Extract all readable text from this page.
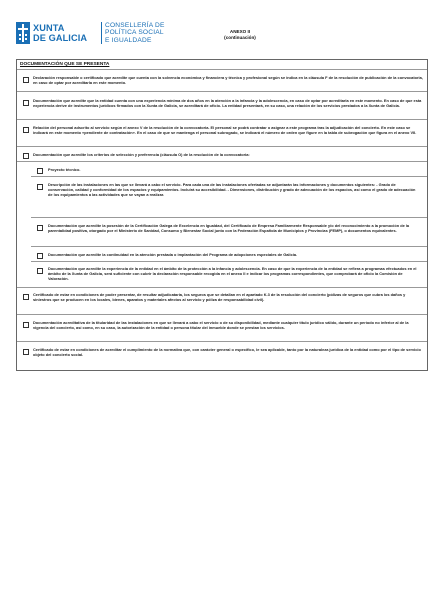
XUNTA
DE GALICIA
CONSELLERÍA DE
POLÍTICA SOCIAL
E IGUALDADE
ANEXO II
(continuación)
DOCUMENTACIÓN QUE SE PRESENTA
Declaración responsable o certificado que acredite que cuenta con la solvencia económica y financiera y técnica y profesional según se indica en la cláusula F de la resolución de publicación de la convocatoria, en caso de optar por acreditarla en este momento.
Documentación que acredite que la entidad cuenta con una experiencia mínima de dos años en la atención a la infancia y la adolescencia, en caso de optar por acreditarla en este momento. En caso de que esta experiencia derive de instrumentos jurídicos firmados con la Xunta de Galicia, se acreditará de oficio. La entidad presentará, en su caso, una relación de los servicios prestados a la Xunta de Galicia.
Relación del personal adscrito al servicio según el anexo V de la resolución de la convocatoria. El personal se podrá contratar o asignar a este programa tras la adjudicación del concierto. En este caso se indicará en este momento «pendiente de contratación». En el caso de que se mantenga el personal subrogado, se indicará el número de orden que figure en la tabla de subrogación que figura en el anexo VII.
Documentación que acredite los criterios de selección y preferencia (cláusula O) de la resolución de la convocatoria:
Proyecto técnico.
Descripción de las instalaciones en las que se llevará a cabo el servicio. Para cada una de las instalaciones ofertadas se adjuntarán las informaciones y documentos siguientes: - Grado de conservación, calidad y conformidad de los espacios y equipamientos. Incluirá su accesibilidad. - Dimensiones, distribución y grado de adecuación de los espacios, así como el grado de adecuación de los equipamientos a las actividades que se vayan a realizar.
Documentación que acredite la posesión de la Certificación Galega de Excelencia en Igualdad, del Certificado de Empresa Familiarmente Responsable y/o del reconocimiento a la promoción de la parentalidad positiva, otorgado por el Ministerio de Sanidad, Consumo y Bienestar Social junto con la Federación Española de Municipios y Provincias (FEMP), o documentos equivalentes.
Documentación que acredite la continuidad en la atención prestada o implantación del Programa de adopciones especiales de Galicia.
Documentación que acredite la experiencia de la entidad en el ámbito de la protección a la infancia y adolescencia. En caso de que la experiencia de la entidad se refiera a programas efectuados en el ámbito de la Xunta de Galicia, será suficiente con cubrir la declaración responsable recogida en el anexo II e indicar los programas correspondientes, que comprobará de oficio la Comisión de Valoración.
Certificado de estar en condiciones de poder presentar, de resultar adjudicataria, los seguros que se detallan en el apartado K.3 de la resolución del concierto (pólizas de seguros que cubra los daños y siniestros que se producen en los locales, bienes, aparatos y materiales afectos al servicio y póliza de responsabilidad civil).
Documentación acreditativa de la titularidad de las instalaciones en que se llevará a cabo el servicio o de su disponibilidad, mediante cualquier título jurídico válido, durante un período no inferior al de la vigencia del concierto, así como, en su caso, la autorización de la entidad o persona titular del inmueble donde se prestan los servicios.
Certificado de estar en condiciones de acreditar el cumplimiento de la normativa que, con carácter general o específico, le sea aplicable, tanto por la naturaleza jurídica de la entidad como por el tipo de servicio objeto del concierto social.
